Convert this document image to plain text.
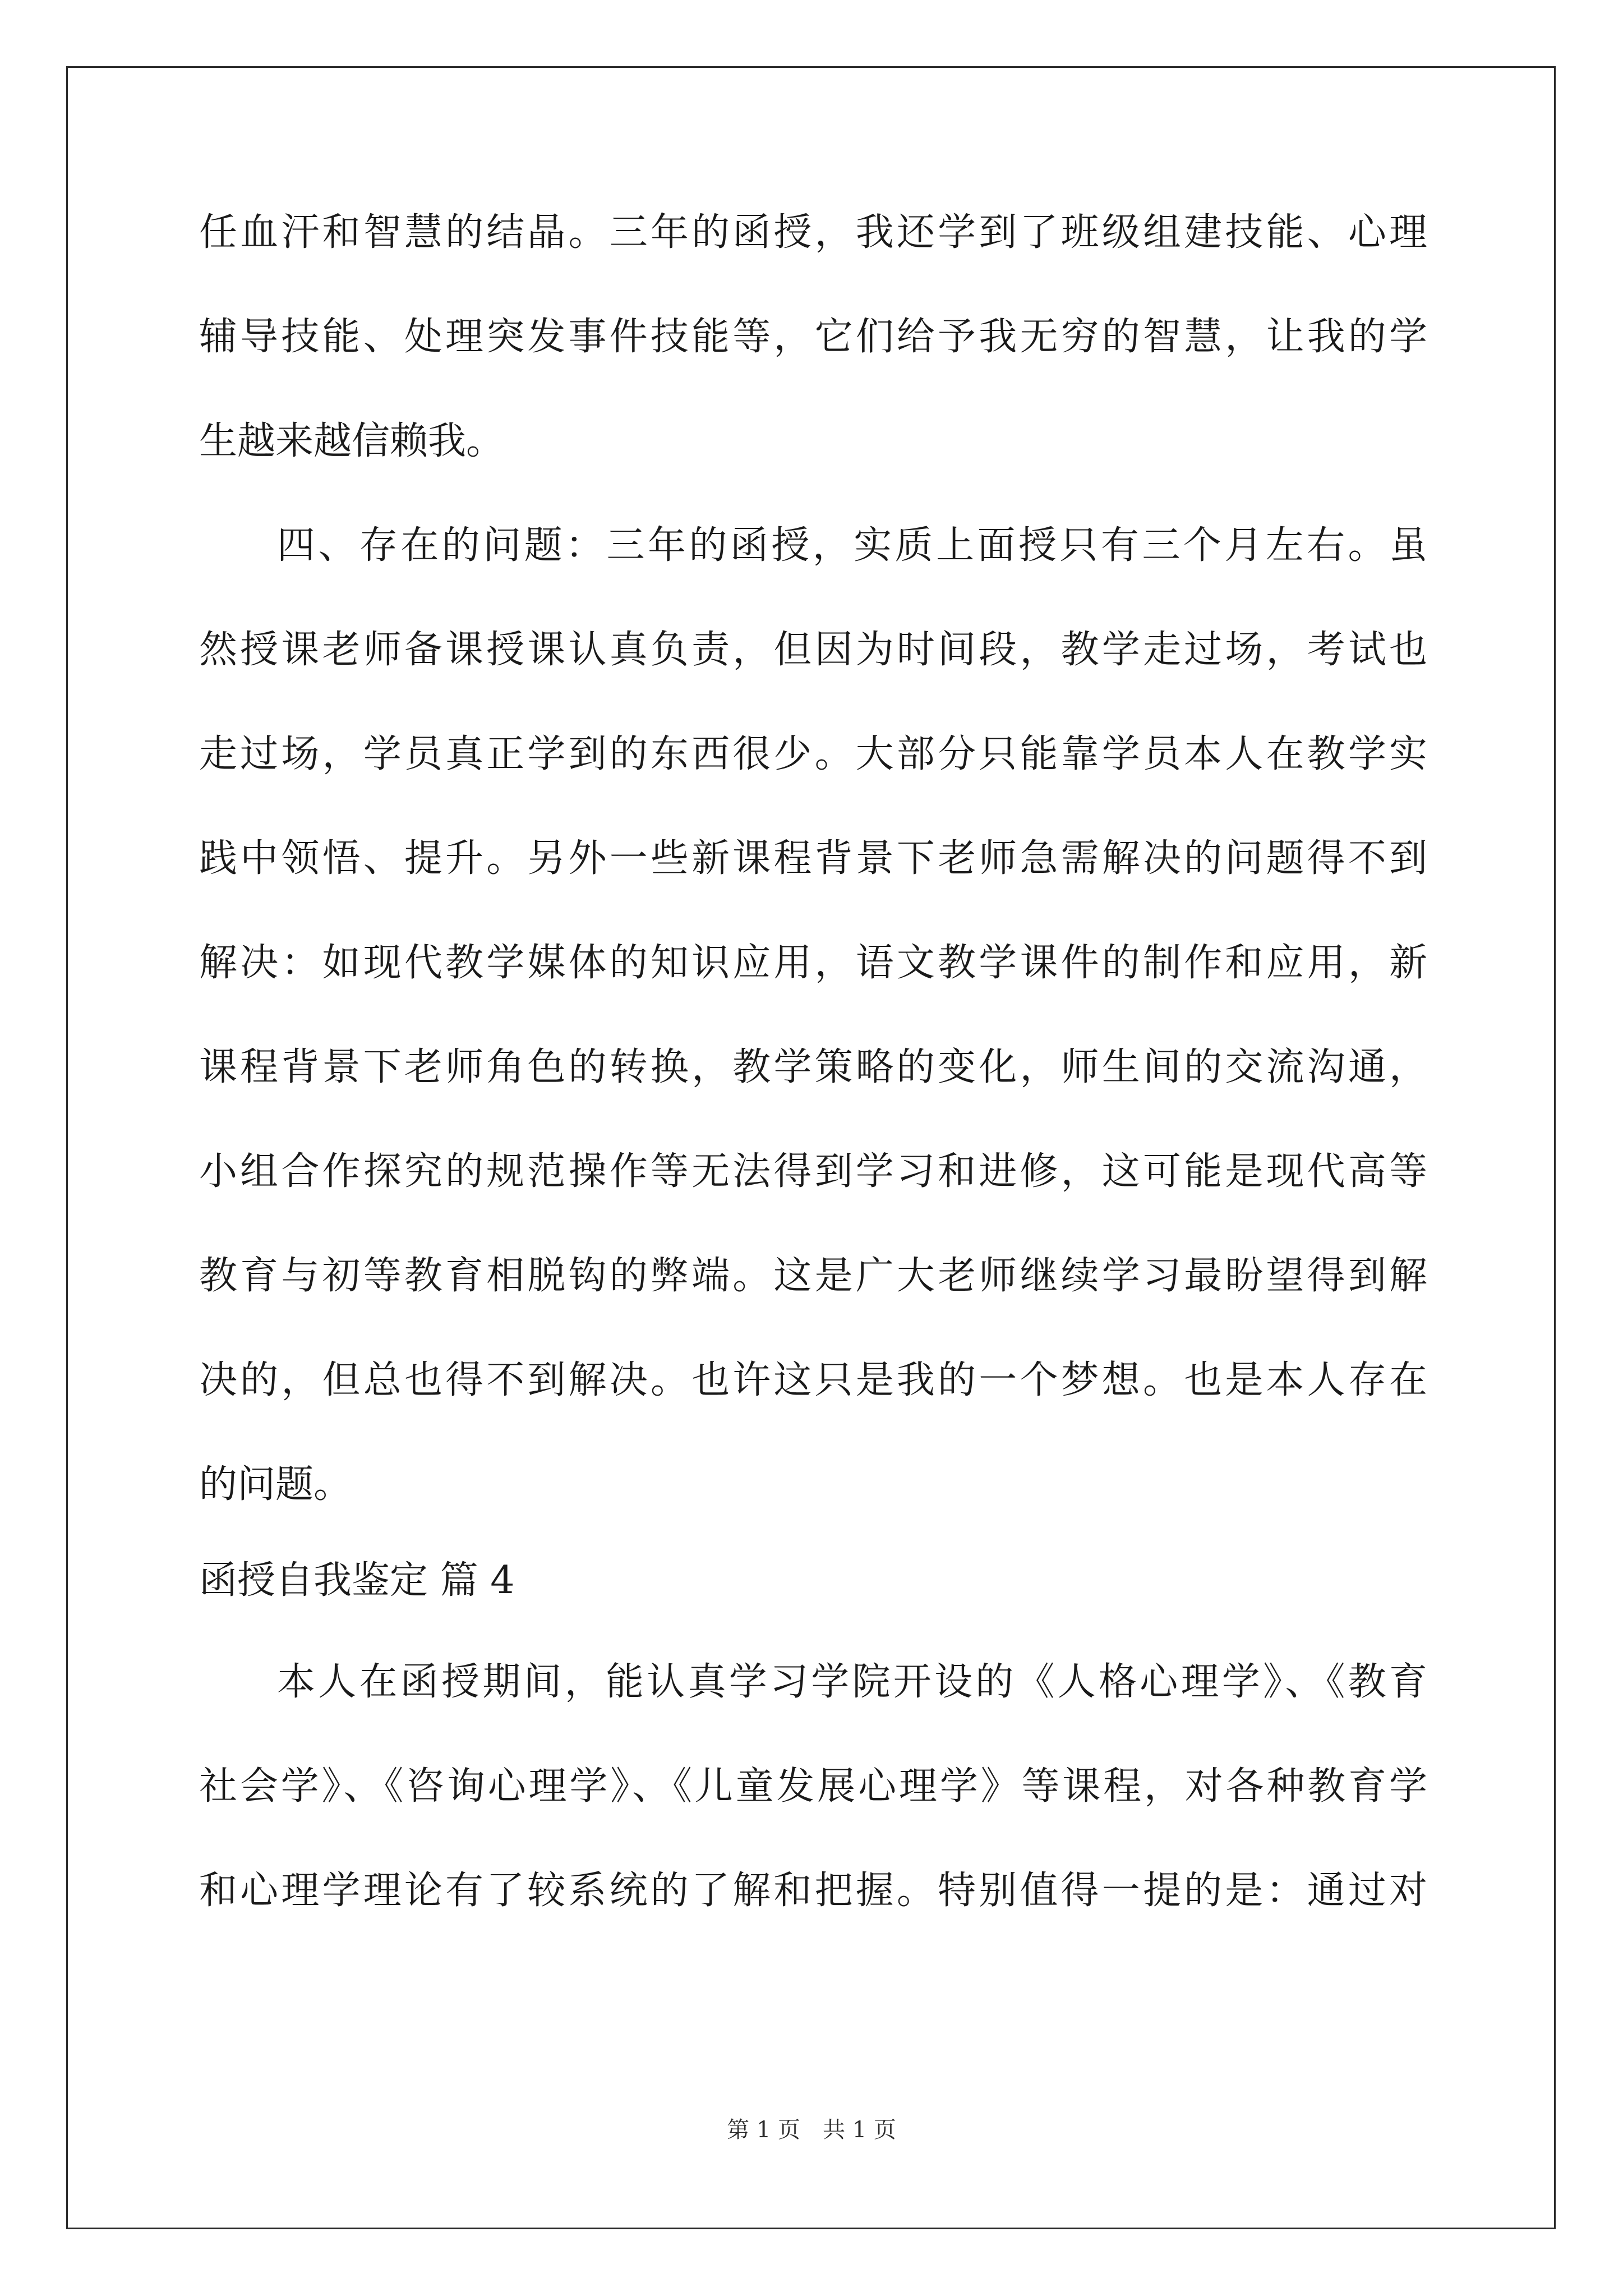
任血汗和智慧的结晶。三年的函授，我还学到了班级组建技能、心理
辅导技能、处理突发事件技能等，它们给予我无穷的智慧，让我的学
生越来越信赖我。
四、存在的问题：三年的函授，实质上面授只有三个月左右。虽
然授课老师备课授课认真负责，但因为时间段，教学走过场，考试也
走过场，学员真正学到的东西很少。大部分只能靠学员本人在教学实
践中领悟、提升。另外一些新课程背景下老师急需解决的问题得不到
解决：如现代教学媒体的知识应用，语文教学课件的制作和应用，新
课程背景下老师角色的转换，教学策略的变化，师生间的交流沟通，
小组合作探究的规范操作等无法得到学习和进修，这可能是现代高等
教育与初等教育相脱钩的弊端。这是广大老师继续学习最盼望得到解
决的，但总也得不到解决。也许这只是我的一个梦想。也是本人存在
的问题。
函授自我鉴定 篇 4
本人在函授期间，能认真学习学院开设的《人格心理学》、《教育
社会学》、《咨询心理学》、《儿童发展心理学》等课程，对各种教育学
和心理学理论有了较系统的了解和把握。特别值得一提的是：通过对
第 1 页　共 1 页
